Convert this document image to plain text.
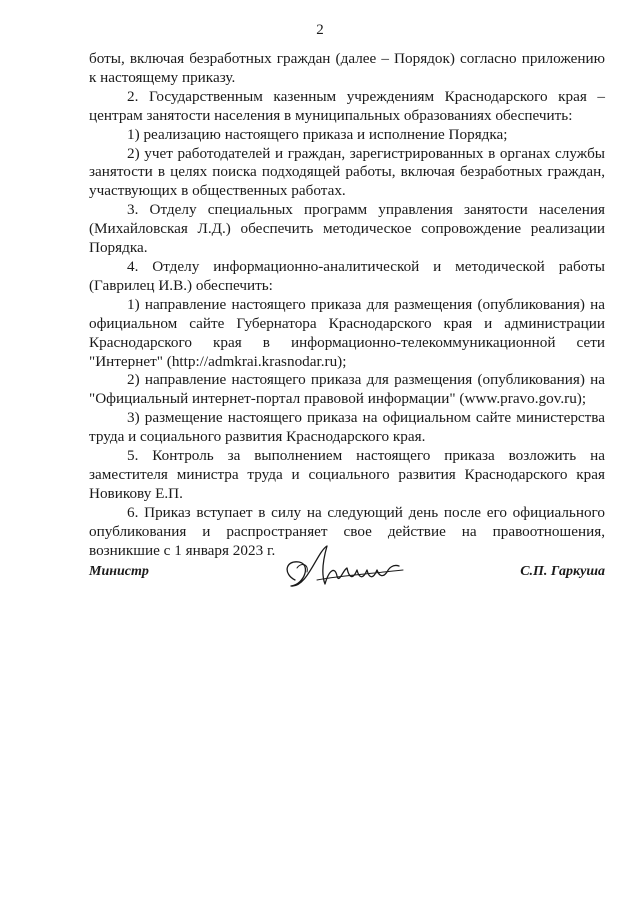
2

боты, включая безработных граждан (далее – Порядок) согласно приложению к настоящему приказу.

2. Государственным казенным учреждениям Краснодарского края – центрам занятости населения в муниципальных образованиях обеспечить:

1) реализацию настоящего приказа и исполнение Порядка;

2) учет работодателей и граждан, зарегистрированных в органах службы занятости в целях поиска подходящей работы, включая безработных граждан, участвующих в общественных работах.

3. Отделу специальных программ управления занятости населения (Михайловская Л.Д.) обеспечить методическое сопровождение реализации Порядка.

4. Отделу информационно-аналитической и методической работы (Гаврилец И.В.) обеспечить:

1) направление настоящего приказа для размещения (опубликования) на официальном сайте Губернатора Краснодарского края и администрации Краснодарского края в информационно-телекоммуникационной сети "Интернет" (http://admkrai.krasnodar.ru);

2) направление настоящего приказа для размещения (опубликования) на "Официальный интернет-портал правовой информации" (www.pravo.gov.ru);

3) размещение настоящего приказа на официальном сайте министерства труда и социального развития Краснодарского края.

5. Контроль за выполнением настоящего приказа возложить на заместителя министра труда и социального развития Краснодарского края Новикову Е.П.

6. Приказ вступает в силу на следующий день после его официального опубликования и распространяет свое действие на правоотношения, возникшие с 1 января 2023 г.

Министр	С.П. Гаркуша
